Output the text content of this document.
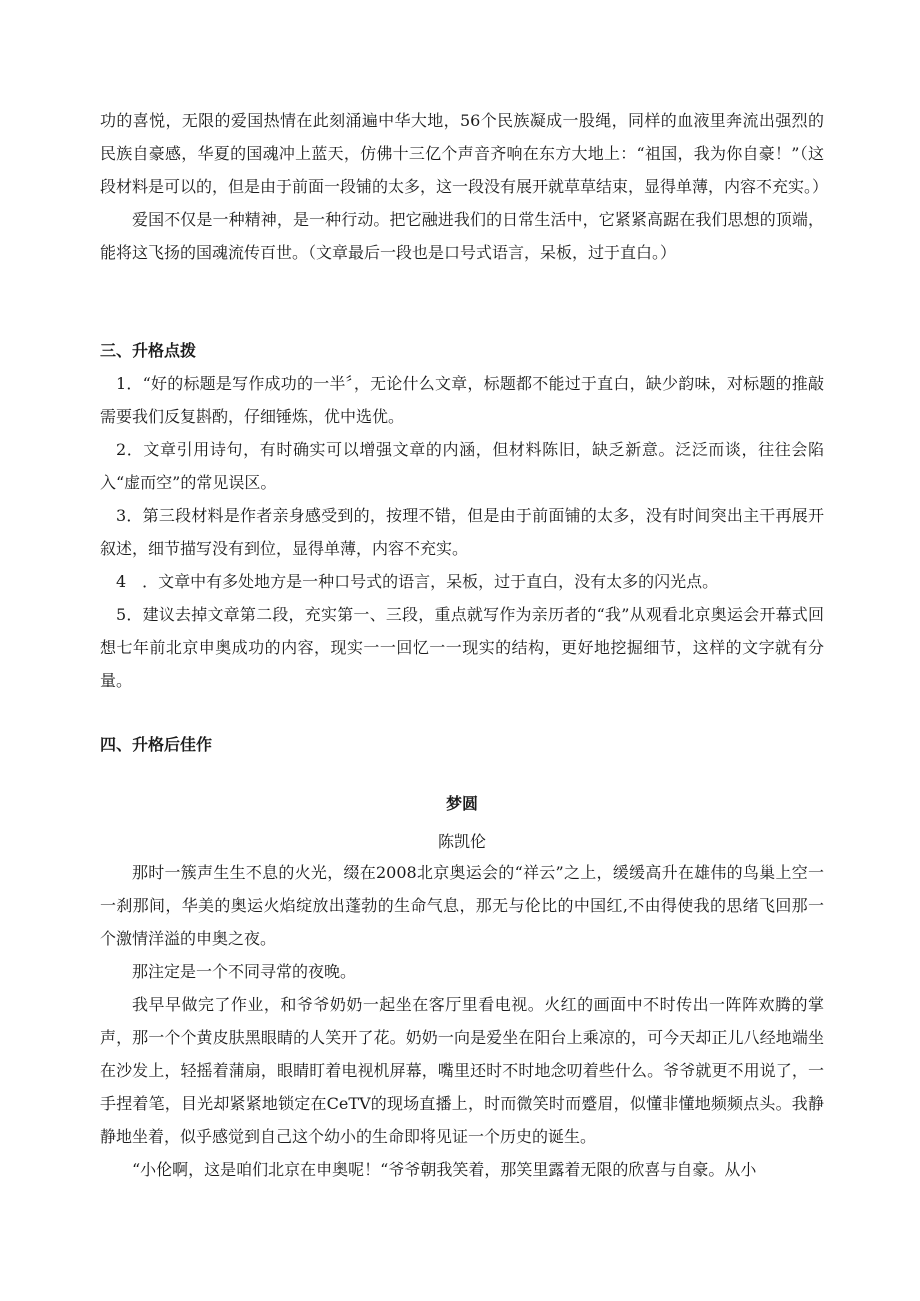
功的喜悦，无限的爱国热情在此刻涌遍中华大地，56个民族凝成一股绳，同样的血液里奔流出强烈的民族自豪感，华夏的国魂冲上蓝天，仿佛十三亿个声音齐响在东方大地上：“祖国，我为你自豪！”（这段材料是可以的，但是由于前面一段铺的太多，这一段没有展开就草草结束，显得单薄，内容不充实。）

爱国不仅是一种精神，是一种行动。把它融进我们的日常生活中，它紧紧高踞在我们思想的顶端，能将这飞扬的国魂流传百世。（文章最后一段也是口号式语言，呆板，过于直白。）

三、升格点拨

1．“好的标题是写作成功的一半〞，无论什么文章，标题都不能过于直白，缺少韵味，对标题的推敲需要我们反复斟酌，仔细锤炼，优中选优。

2．文章引用诗句，有时确实可以增强文章的内涵，但材料陈旧，缺乏新意。泛泛而谈，往往会陷入“虚而空”的常见误区。

3．第三段材料是作者亲身感受到的，按理不错，但是由于前面铺的太多，没有时间突出主干再展开叙述，细节描写没有到位，显得单薄，内容不充实。

4　．文章中有多处地方是一种口号式的语言，呆板，过于直白，没有太多的闪光点。

5．建议去掉文章第二段，充实第一、三段，重点就写作为亲历者的“我”从观看北京奥运会开幕式回想七年前北京申奥成功的内容，现实一一回忆一一现实的结构，更好地挖掘细节，这样的文字就有分量。

四、升格后佳作
梦圆

陈凯伦

那时一簇声生生不息的火光，缀在2008北京奥运会的“祥云”之上，缓缓高升在雄伟的鸟巢上空一一刹那间，华美的奥运火焰绽放出蓬勃的生命气息，那无与伦比的中国红,不由得使我的思绪飞回那一个激情洋溢的申奥之夜。

那注定是一个不同寻常的夜晚。

我早早做完了作业，和爷爷奶奶一起坐在客厅里看电视。火红的画面中不时传出一阵阵欢腾的掌声，那一个个黄皮肤黑眼睛的人笑开了花。奶奶一向是爱坐在阳台上乘凉的，可今天却正儿八经地端坐在沙发上，轻摇着蒲扇，眼睛盯着电视机屏幕，嘴里还时不时地念叨着些什么。爷爷就更不用说了，一手捏着笔，目光却紧紧地锁定在CeTV的现场直播上，时而微笑时而蹙眉，似懂非懂地频频点头。我静静地坐着，似乎感觉到自己这个幼小的生命即将见证一个历史的诞生。

“小伦啊，这是咱们北京在申奥呢！“爷爷朝我笑着，那笑里露着无限的欣喜与自豪。从小
